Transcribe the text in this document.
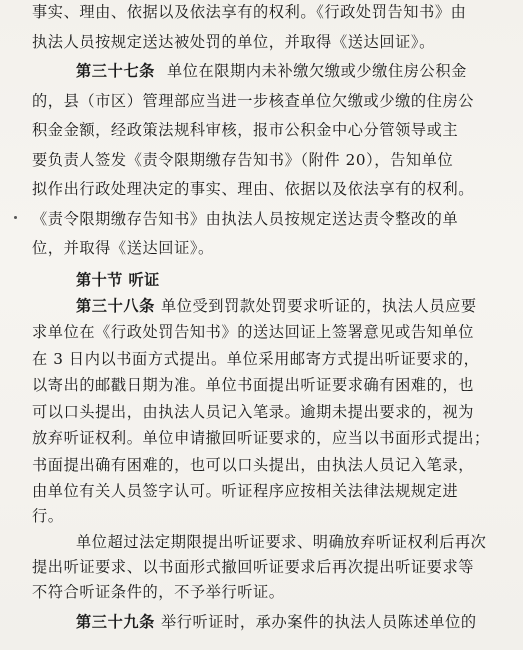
事实、理由、依据以及依法享有的权利。《行政处罚告知书》由
执法人员按规定送达被处罚的单位，并取得《送达回证》。
第三十七条 单位在限期内未补缴欠缴或少缴住房公积金
的，县（市区）管理部应当进一步核查单位欠缴或少缴的住房公
积金金额，经政策法规科审核，报市公积金中心分管领导或主
要负责人签发《责令限期缴存告知书》（附件 20），告知单位
拟作出行政处理决定的事实、理由、依据以及依法享有的权利。
《责令限期缴存告知书》由执法人员按规定送达责令整改的单
位，并取得《送达回证》。
第十节 听证
第三十八条 单位受到罚款处罚要求听证的，执法人员应要
求单位在《行政处罚告知书》的送达回证上签署意见或告知单位
在 3 日内以书面方式提出。单位采用邮寄方式提出听证要求的，
以寄出的邮戳日期为准。单位书面提出听证要求确有困难的，也
可以口头提出，由执法人员记入笔录。逾期未提出要求的，视为
放弃听证权利。单位申请撤回听证要求的，应当以书面形式提出；
书面提出确有困难的，也可以口头提出，由执法人员记入笔录，
由单位有关人员签字认可。听证程序应按相关法律法规规定进
行。
单位超过法定期限提出听证要求、明确放弃听证权利后再次
提出听证要求、以书面形式撤回听证要求后再次提出听证要求等
不符合听证条件的，不予举行听证。
第三十九条 举行听证时，承办案件的执法人员陈述单位的
